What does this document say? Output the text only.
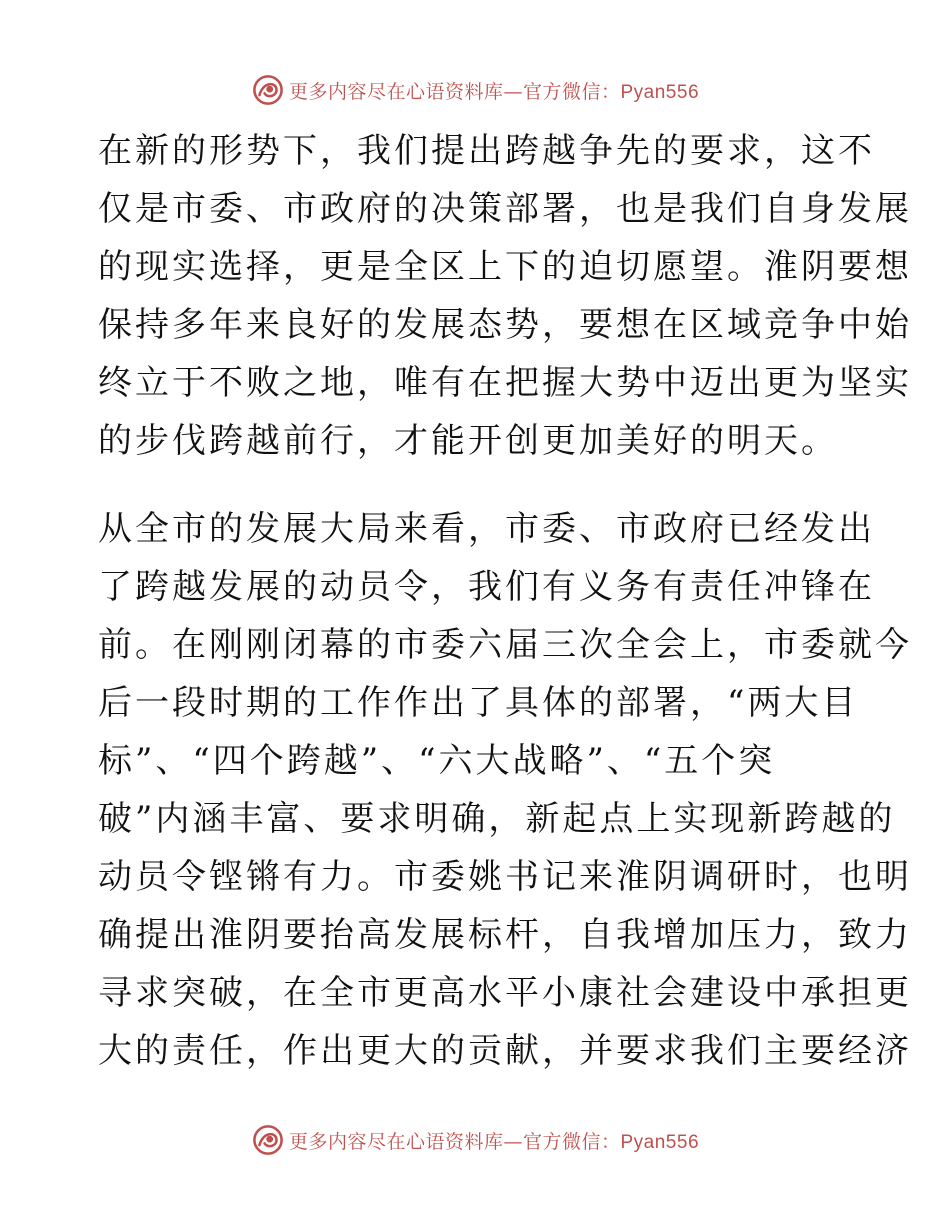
更多内容尽在心语资料库—官方微信：Pyan556

在新的形势下，我们提出跨越争先的要求，这不
仅是市委、市政府的决策部署，也是我们自身发展
的现实选择，更是全区上下的迫切愿望。淮阴要想
保持多年来良好的发展态势，要想在区域竞争中始
终立于不败之地，唯有在把握大势中迈出更为坚实
的步伐跨越前行，才能开创更加美好的明天。

从全市的发展大局来看，市委、市政府已经发出
了跨越发展的动员令，我们有义务有责任冲锋在
前。在刚刚闭幕的市委六届三次全会上，市委就今
后一段时期的工作作出了具体的部署，“两大目
标”、“四个跨越”、“六大战略”、“五个突
破”内涵丰富、要求明确，新起点上实现新跨越的
动员令铿锵有力。市委姚书记来淮阴调研时，也明
确提出淮阴要抬高发展标杆，自我增加压力，致力
寻求突破，在全市更高水平小康社会建设中承担更
大的责任，作出更大的贡献，并要求我们主要经济

更多内容尽在心语资料库—官方微信：Pyan556
